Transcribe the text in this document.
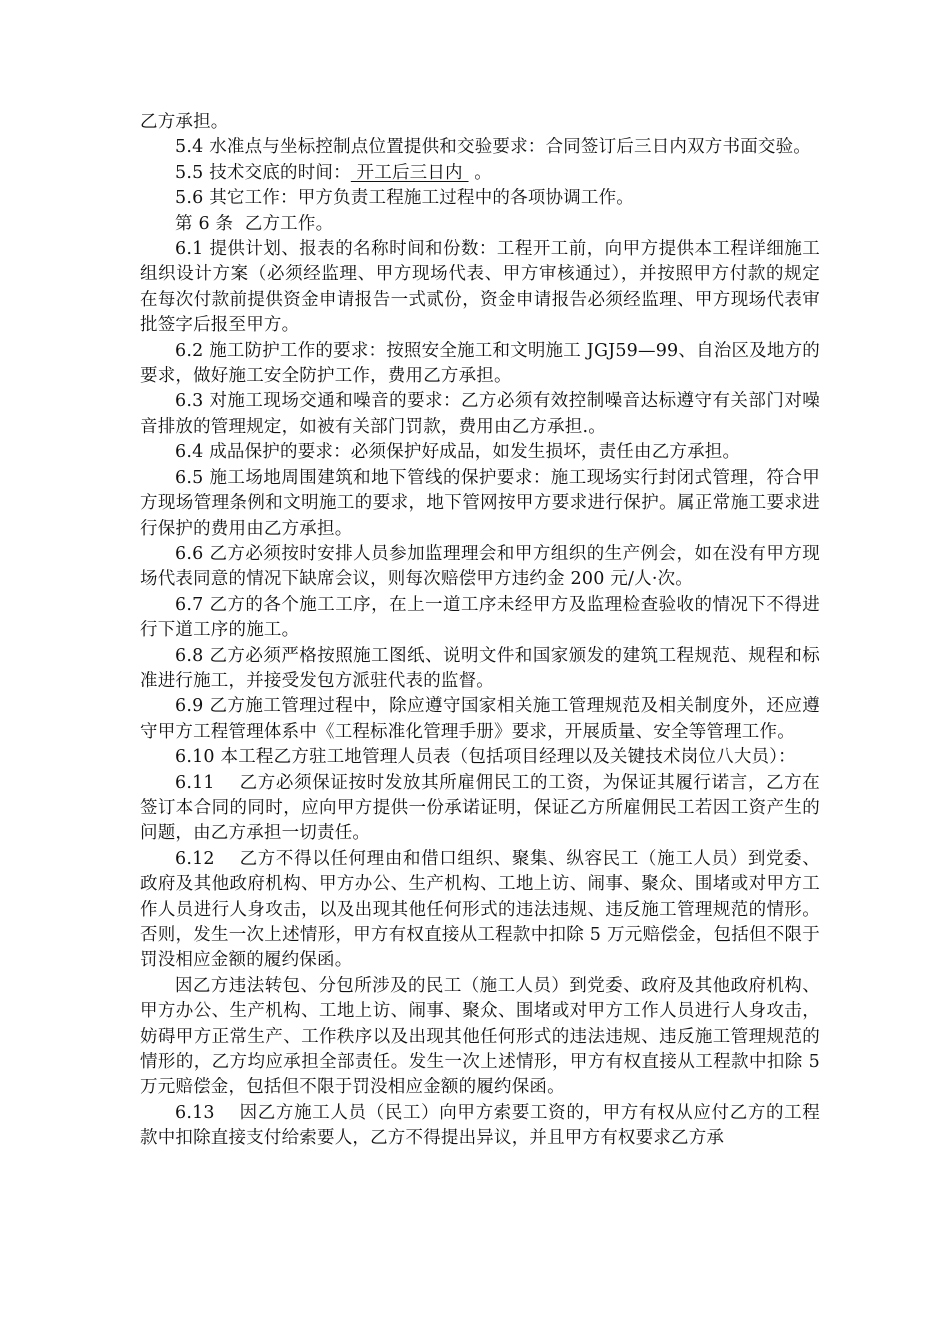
乙方承担。

5.4 水准点与坐标控制点位置提供和交验要求：合同签订后三日内双方书面交验。

5.5 技术交底的时间： 开工后三日内  。

5.6 其它工作：甲方负责工程施工过程中的各项协调工作。

第 6 条  乙方工作。

6.1 提供计划、报表的名称时间和份数：工程开工前，向甲方提供本工程详细施工组织设计方案（必须经监理、甲方现场代表、甲方审核通过），并按照甲方付款的规定在每次付款前提供资金申请报告一式贰份，资金申请报告必须经监理、甲方现场代表审批签字后报至甲方。

6.2 施工防护工作的要求：按照安全施工和文明施工 JGJ59—99、自治区及地方的要求，做好施工安全防护工作，费用乙方承担。

6.3 对施工现场交通和噪音的要求：乙方必须有效控制噪音达标遵守有关部门对噪音排放的管理规定，如被有关部门罚款，费用由乙方承担.。

6.4 成品保护的要求：必须保护好成品，如发生损坏，责任由乙方承担。

6.5 施工场地周围建筑和地下管线的保护要求：施工现场实行封闭式管理，符合甲方现场管理条例和文明施工的要求，地下管网按甲方要求进行保护。属正常施工要求进行保护的费用由乙方承担。

6.6 乙方必须按时安排人员参加监理理会和甲方组织的生产例会，如在没有甲方现场代表同意的情况下缺席会议，则每次赔偿甲方违约金 200 元/人·次。

6.7 乙方的各个施工工序，在上一道工序未经甲方及监理检查验收的情况下不得进行下道工序的施工。

6.8 乙方必须严格按照施工图纸、说明文件和国家颁发的建筑工程规范、规程和标准进行施工，并接受发包方派驻代表的监督。

6.9 乙方施工管理过程中，除应遵守国家相关施工管理规范及相关制度外，还应遵守甲方工程管理体系中《工程标准化管理手册》要求，开展质量、安全等管理工作。

6.10 本工程乙方驻工地管理人员表（包括项目经理以及关键技术岗位八大员）：

6.11    乙方必须保证按时发放其所雇佣民工的工资，为保证其履行诺言，乙方在签订本合同的同时，应向甲方提供一份承诺证明，保证乙方所雇佣民工若因工资产生的问题，由乙方承担一切责任。

6.12    乙方不得以任何理由和借口组织、聚集、纵容民工（施工人员）到党委、政府及其他政府机构、甲方办公、生产机构、工地上访、闹事、聚众、围堵或对甲方工作人员进行人身攻击，以及出现其他任何形式的违法违规、违反施工管理规范的情形。否则，发生一次上述情形，甲方有权直接从工程款中扣除 5 万元赔偿金，包括但不限于罚没相应金额的履约保函。

因乙方违法转包、分包所涉及的民工（施工人员）到党委、政府及其他政府机构、甲方办公、生产机构、工地上访、闹事、聚众、围堵或对甲方工作人员进行人身攻击，妨碍甲方正常生产、工作秩序以及出现其他任何形式的违法违规、违反施工管理规范的情形的，乙方均应承担全部责任。发生一次上述情形，甲方有权直接从工程款中扣除 5 万元赔偿金，包括但不限于罚没相应金额的履约保函。

6.13    因乙方施工人员（民工）向甲方索要工资的，甲方有权从应付乙方的工程款中扣除直接支付给索要人，乙方不得提出异议，并且甲方有权要求乙方承
